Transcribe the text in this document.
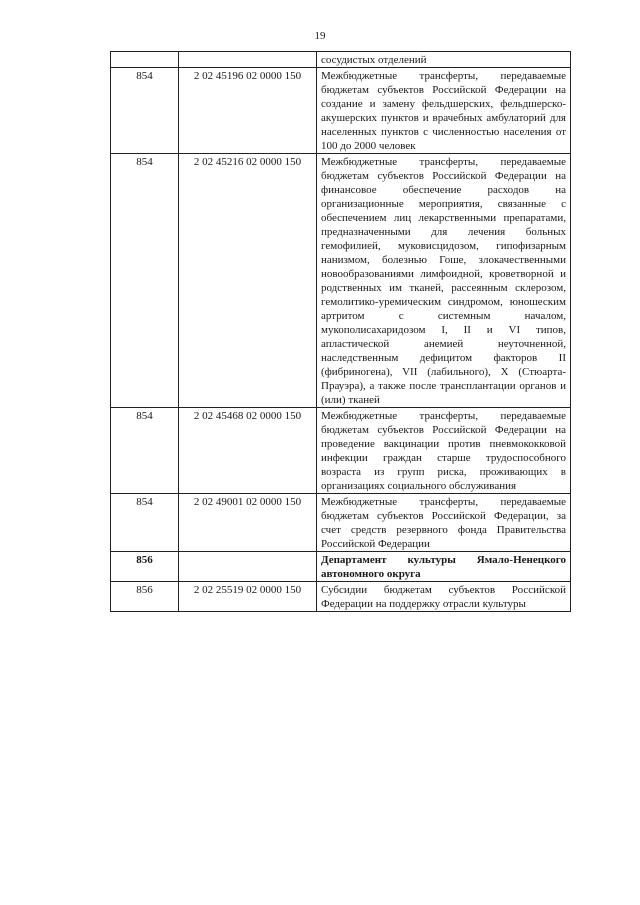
19
		сосудистых отделений
854	2 02 45196 02 0000 150	Межбюджетные трансферты, передаваемые бюджетам субъектов Российской Федерации на создание и замену фельдшерских, фельдшерско-акушерских пунктов и врачебных амбулаторий для населенных пунктов с численностью населения от 100 до 2000 человек
854	2 02 45216 02 0000 150	Межбюджетные трансферты, передаваемые бюджетам субъектов Российской Федерации на финансовое обеспечение расходов на организационные мероприятия, связанные с обеспечением лиц лекарственными препаратами, предназначенными для лечения больных гемофилией, муковисцидозом, гипофизарным нанизмом, болезнью Гоше, злокачественными новообразованиями лимфоидной, кроветворной и родственных им тканей, рассеянным склерозом, гемолитико-уремическим синдромом, юношеским артритом с системным началом, мукополисахаридозом I, II и VI типов, апластической анемией неуточненной, наследственным дефицитом факторов II (фибриногена), VII (лабильного), X (Стюарта-Прауэра), а также после трансплантации органов и (или) тканей
854	2 02 45468 02 0000 150	Межбюджетные трансферты, передаваемые бюджетам субъектов Российской Федерации на проведение вакцинации против пневмококковой инфекции граждан старше трудоспособного возраста из групп риска, проживающих в организациях социального обслуживания
854	2 02 49001 02 0000 150	Межбюджетные трансферты, передаваемые бюджетам субъектов Российской Федерации, за счет средств резервного фонда Правительства Российской Федерации
856		Департамент культуры Ямало-Ненецкого автономного округа
856	2 02 25519 02 0000 150	Субсидии бюджетам субъектов Российской Федерации на поддержку отрасли культуры
